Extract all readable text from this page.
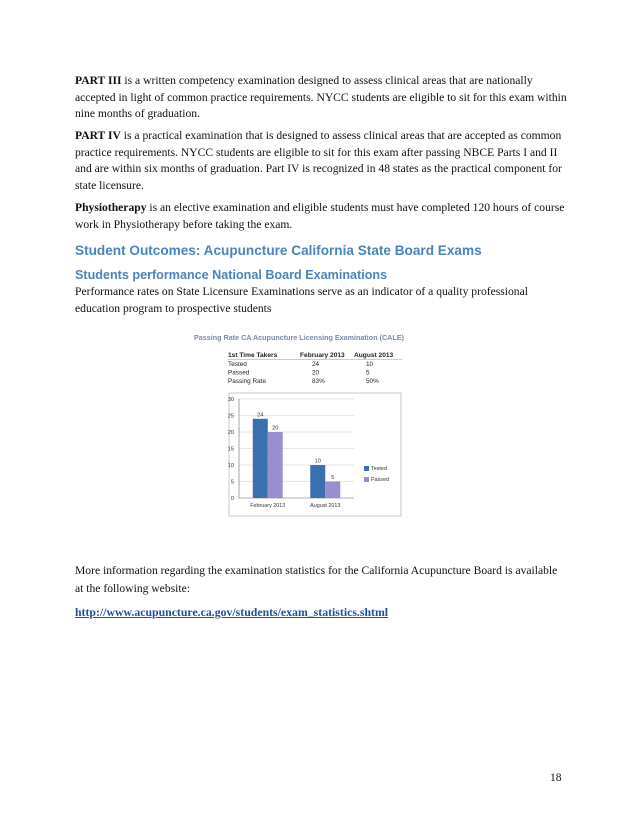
PART III is a written competency examination designed to assess clinical areas that are nationally accepted in light of common practice requirements. NYCC students are eligible to sit for this exam within nine months of graduation.

PART IV is a practical examination that is designed to assess clinical areas that are accepted as common practice requirements. NYCC students are eligible to sit for this exam after passing NBCE Parts I and II and are within six months of graduation. Part IV is recognized in 48 states as the practical component for state licensure.

Physiotherapy is an elective examination and eligible students must have completed 120 hours of course work in Physiotherapy before taking the exam.

Student Outcomes: Acupuncture California State Board Exams
Students performance National Board Examinations

Performance rates on State Licensure Examinations serve as an indicator of a quality professional education program to prospective students

Passing Rate CA Acupuncture Licensing Examination (CALE)
1st Time Takers	February 2013 August 2013
Tested	24	10
Passed	20	5
Passing Rate	83%	50%
0
5
10
15
20
25
30
24
20
10
5
February 2013	August 2013
Tested
Passed

More information regarding the examination statistics for the California Acupuncture Board is available at the following website:

http://www.acupuncture.ca.gov/students/exam_statistics.shtml
18
